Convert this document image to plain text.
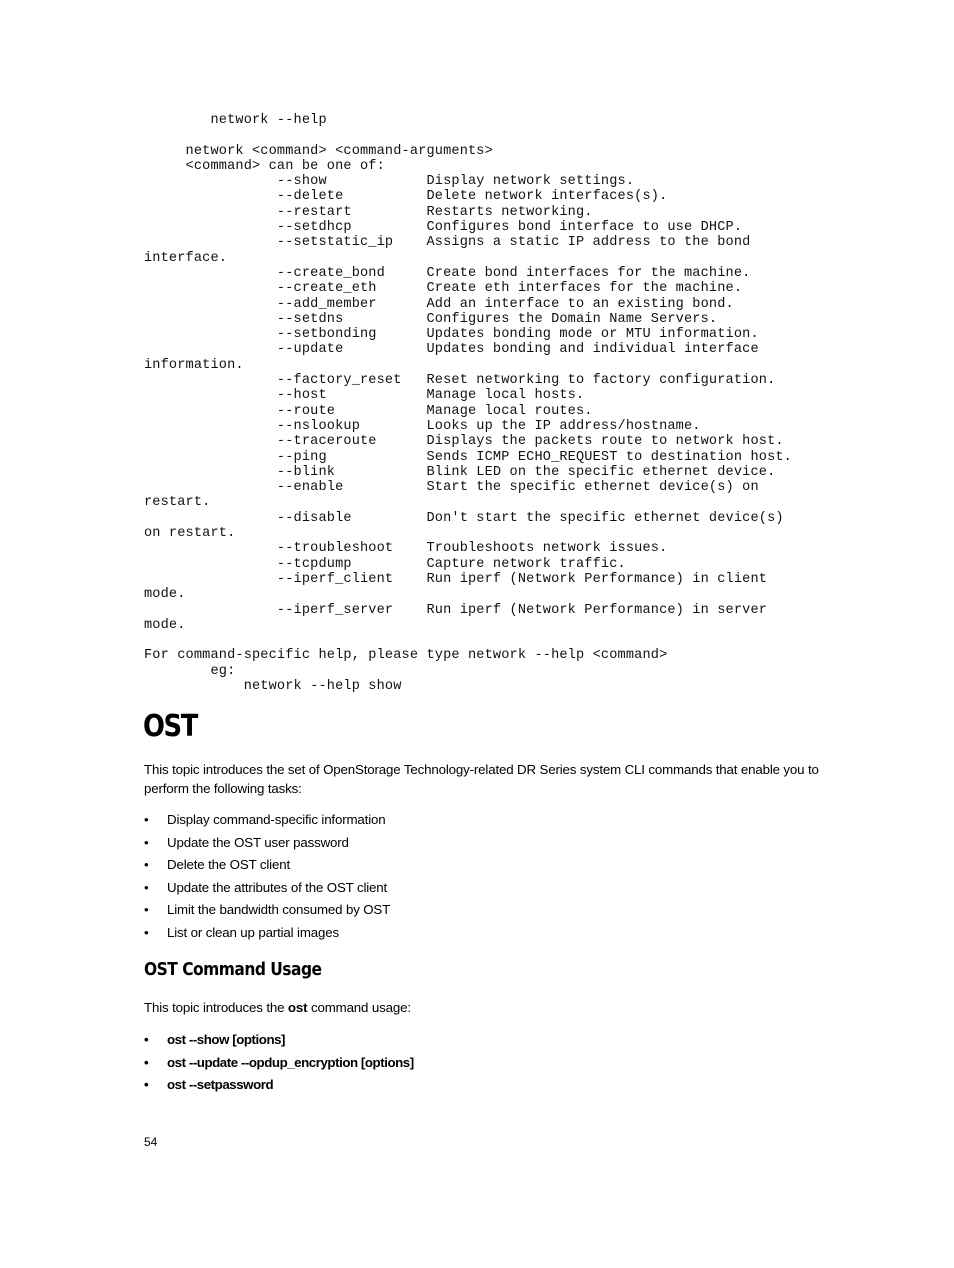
network --help

network <command> <command-arguments>
<command> can be one of:
--show            Display network settings.
--delete          Delete network interfaces(s).
--restart         Restarts networking.
--setdhcp         Configures bond interface to use DHCP.
--setstatic_ip    Assigns a static IP address to the bond
interface.
--create_bond     Create bond interfaces for the machine.
--create_eth      Create eth interfaces for the machine.
--add_member      Add an interface to an existing bond.
--setdns          Configures the Domain Name Servers.
--setbonding      Updates bonding mode or MTU information.
--update          Updates bonding and individual interface
information.
--factory_reset   Reset networking to factory configuration.
--host            Manage local hosts.
--route           Manage local routes.
--nslookup        Looks up the IP address/hostname.
--traceroute      Displays the packets route to network host.
--ping            Sends ICMP ECHO_REQUEST to destination host.
--blink           Blink LED on the specific ethernet device.
--enable          Start the specific ethernet device(s) on
restart.
--disable         Don't start the specific ethernet device(s)
on restart.
--troubleshoot    Troubleshoots network issues.
--tcpdump         Capture network traffic.
--iperf_client    Run iperf (Network Performance) in client
mode.
--iperf_server    Run iperf (Network Performance) in server
mode.

For command-specific help, please type network --help <command>
eg:
network --help show
OST

This topic introduces the set of OpenStorage Technology-related DR Series system CLI commands that enable you to perform the following tasks:

• Display command-specific information
• Update the OST user password
• Delete the OST client
• Update the attributes of the OST client
• Limit the bandwidth consumed by OST
• List or clean up partial images
OST Command Usage

This topic introduces the ost command usage:

• ost --show [options]
• ost --update --opdup_encryption [options]
• ost --setpassword

54
